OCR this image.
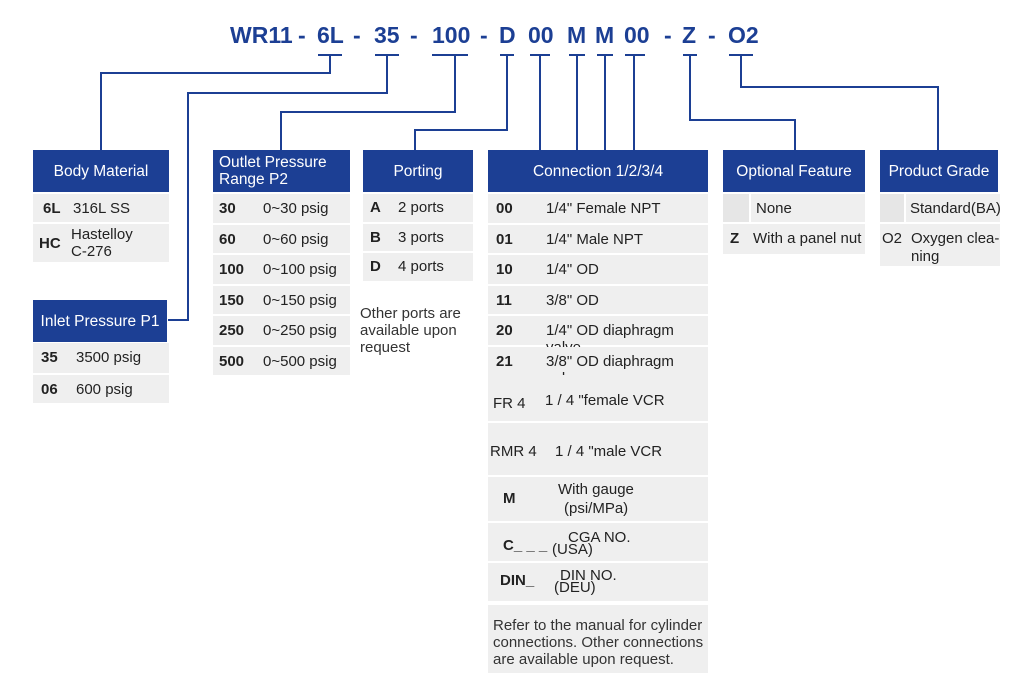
WR11 - 6L - 35 - 100 - D 00 M M 00 - Z - O2
Body Material
6L 316L SS
HC
Hastelloy
C-276
Inlet Pressure P1
35 3500 psig
06 600 psig
Outlet Pressure
Range P2
30 0~30 psig
60 0~60 psig
100 0~100 psig
150 0~150 psig
250 0~250 psig
500 0~500 psig
Porting
A 2 ports
B 3 ports
D 4 ports
Other ports are
available upon
request
Connection 1/2/3/4
00 1/4" Female NPT
01 1/4" Male NPT
10 1/4" OD
11 3/8" OD
20 1/4" OD diaphragm
21 3/8" OD diaphragm
FR 4 1 / 4 "female VCR
RMR 4 1 / 4 "male VCR
M
With gauge
(psi/MPa)
C_ _ _ CGA NO.
(USA)
DIN_ DIN NO.
(DEU)
Refer to the manual for cylinder
connections. Other connections
are available upon request.
Optional Feature
None
Z With a panel nut
Product Grade
Standard(BA)
O2 Oxygen clea-
ning
